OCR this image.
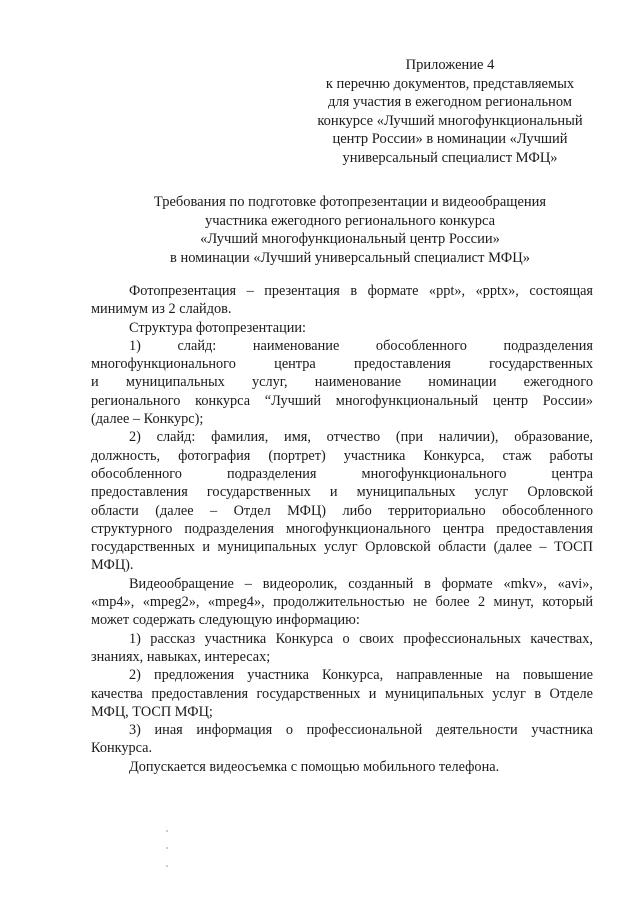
Приложение 4
к перечню документов, представляемых
для участия в ежегодном региональном
конкурсе «Лучший многофункциональный
центр России» в номинации «Лучший
универсальный специалист МФЦ»
Требования по подготовке фотопрезентации и видеообращения
участника ежегодного регионального конкурса
«Лучший многофункциональный центр России»
в номинации «Лучший универсальный специалист МФЦ»
Фотопрезентация – презентация в формате «ppt», «pptx», состоящая
минимум из 2 слайдов.
Структура фотопрезентации:
1) слайд: наименование обособленного подразделения
многофункционального центра предоставления государственных
и муниципальных услуг, наименование номинации ежегодного
регионального конкурса “Лучший многофункциональный центр России»
(далее – Конкурс);
2) слайд: фамилия, имя, отчество (при наличии), образование,
должность, фотография (портрет) участника Конкурса, стаж работы
обособленного подразделения многофункционального центра
предоставления государственных и муниципальных услуг Орловской
области (далее – Отдел МФЦ) либо территориально обособленного
структурного подразделения многофункционального центра предоставления
государственных и муниципальных услуг Орловской области (далее – ТОСП
МФЦ).
Видеообращение – видеоролик, созданный в формате «mkv», «avi»,
«mp4», «mpeg2», «mpeg4», продолжительностью не более 2 минут, который
может содержать следующую информацию:
1) рассказ участника Конкурса о своих профессиональных качествах,
знаниях, навыках, интересах;
2) предложения участника Конкурса, направленные на повышение
качества предоставления государственных и муниципальных услуг в Отделе
МФЦ, ТОСП МФЦ;
3) иная информация о профессиональной деятельности участника
Конкурса.
Допускается видеосъемка с помощью мобильного телефона.
